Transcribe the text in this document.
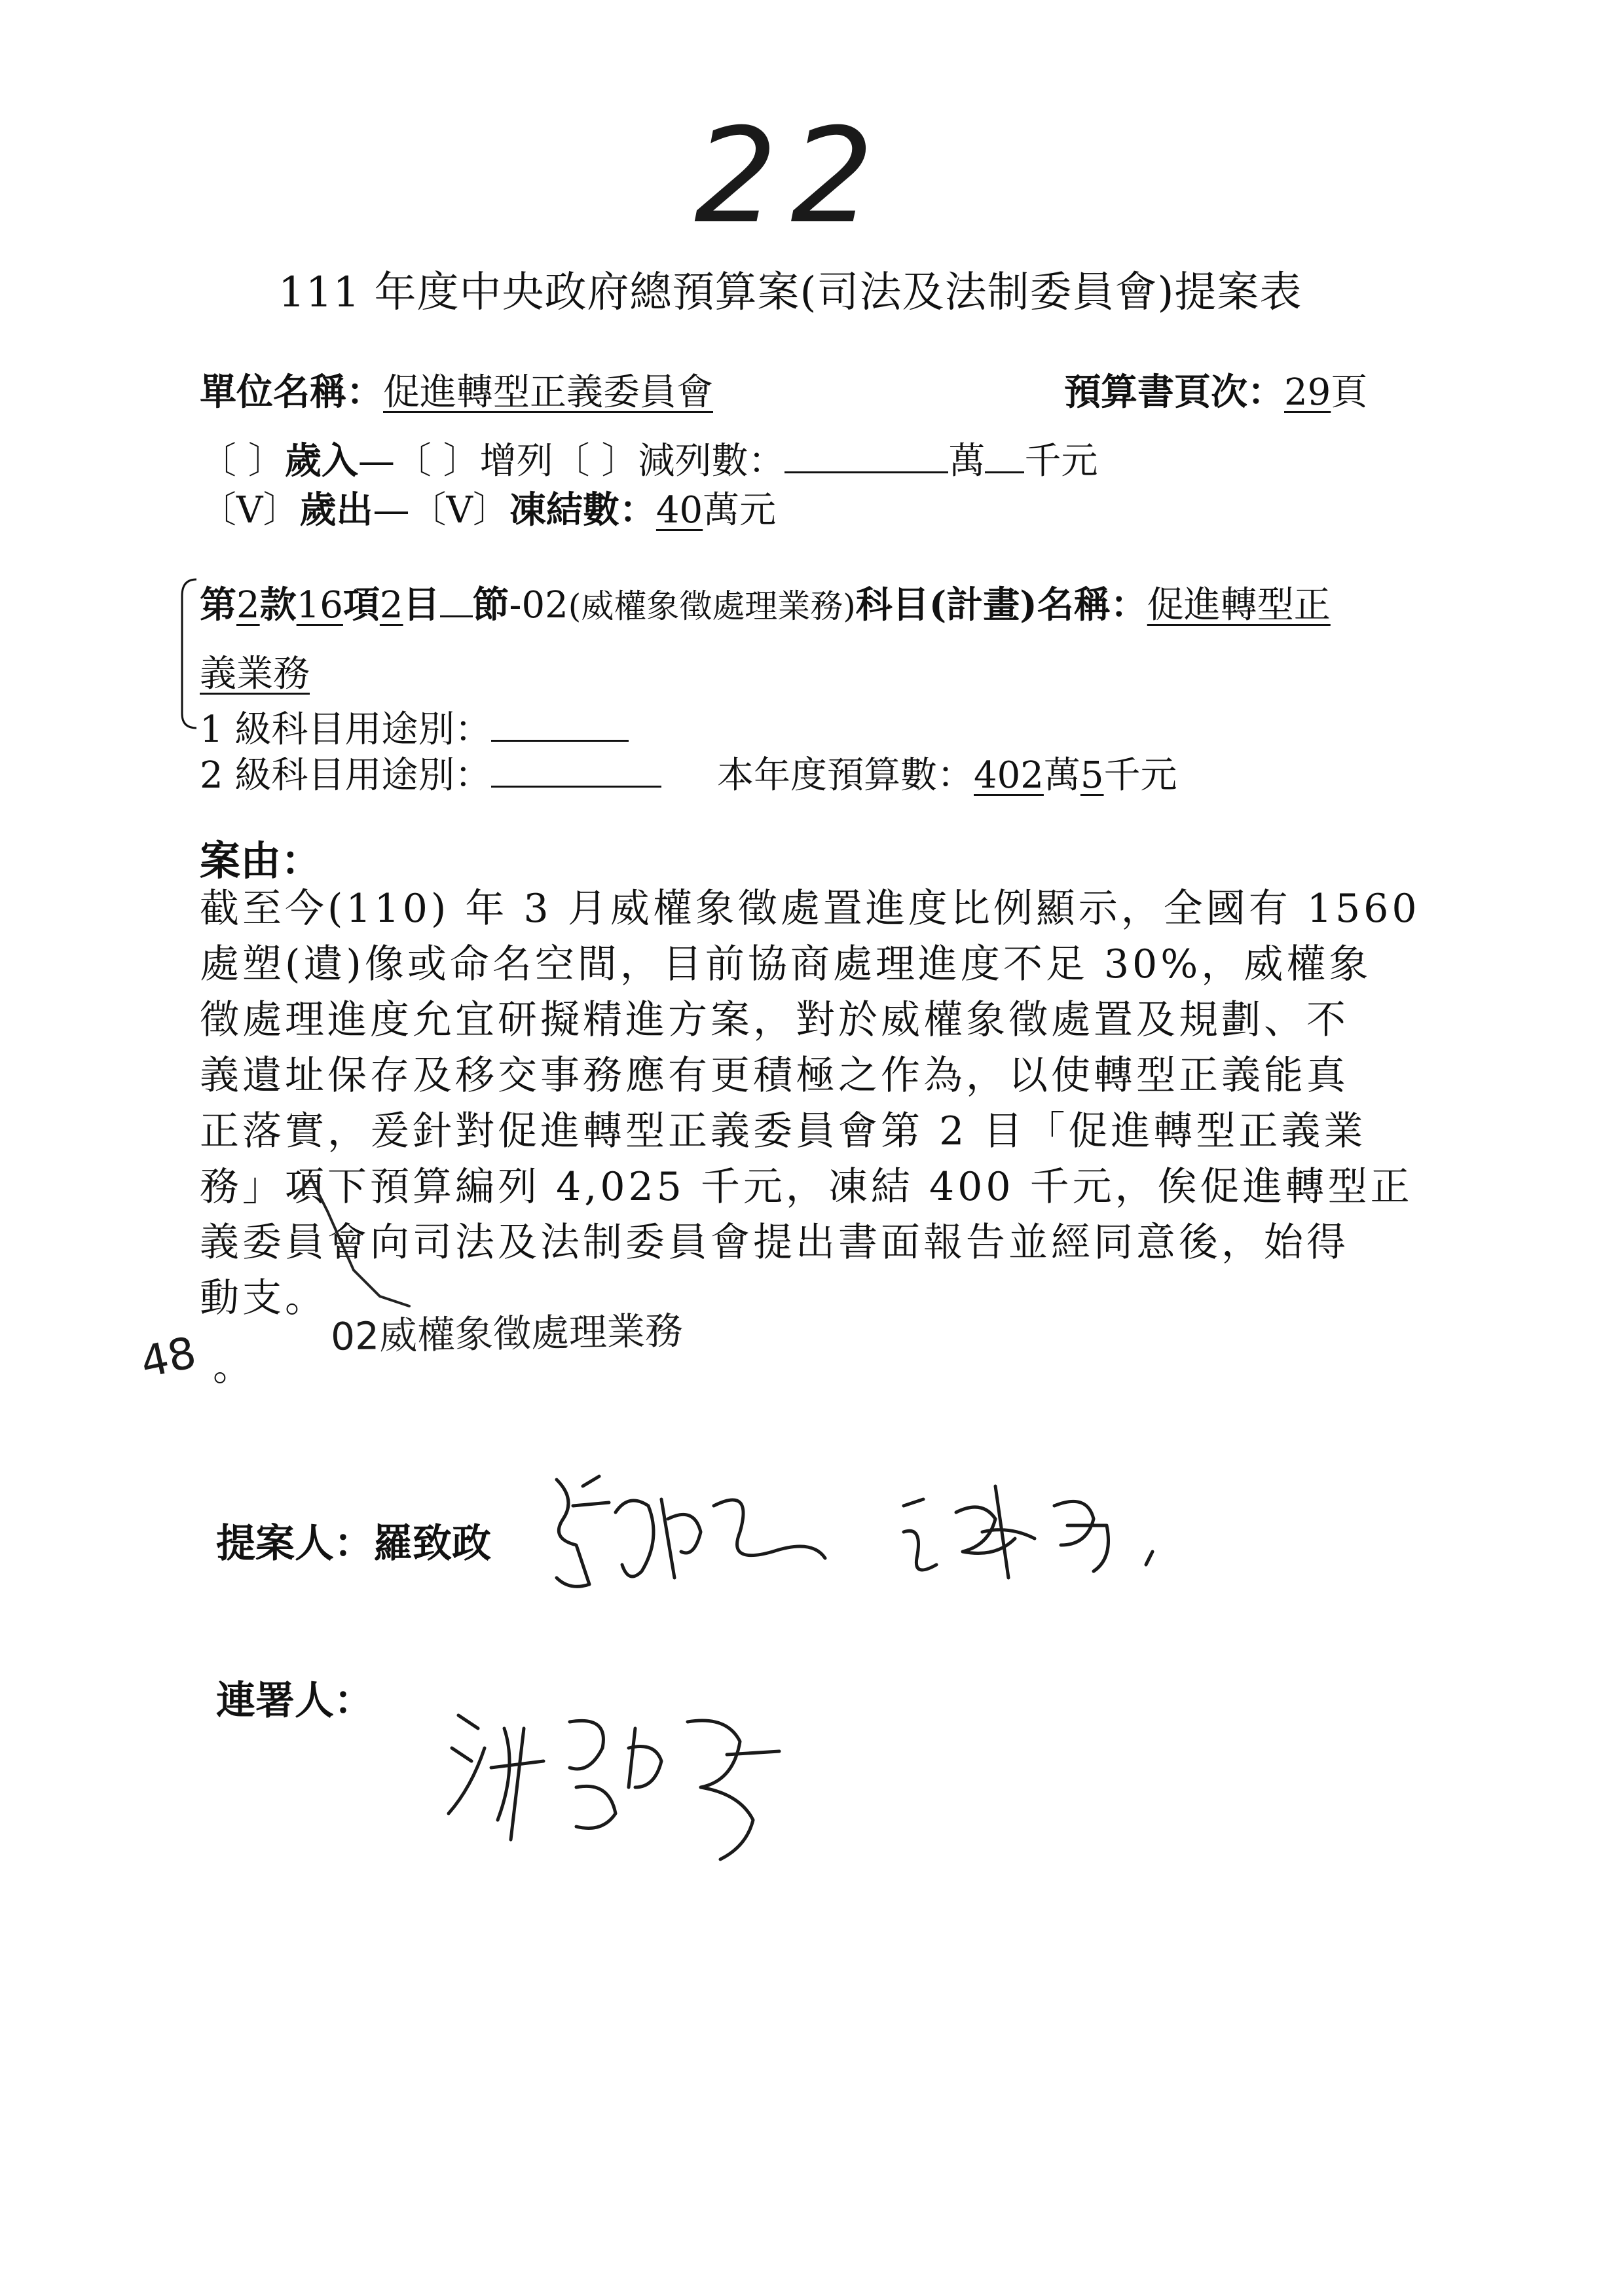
22
111 年度中央政府總預算案(司法及法制委員會)提案表
單位名稱：促進轉型正義委員會	預算書頁次：29頁
〔 〕歲入—〔 〕增列〔 〕減列數：	萬 千元
〔V〕歲出—〔V〕凍結數：40萬元
第2款16項2目 節-02(威權象徵處理業務)科目(計畫)名稱：促進轉型正
義業務
1 級科目用途別：
2 級科目用途別：	本年度預算數：402萬5千元
案由：
截至今(110) 年 3 月威權象徵處置進度比例顯示，全國有 1560
處塑(遺)像或命名空間，目前協商處理進度不足 30%，威權象
徵處理進度允宜研擬精進方案，對於威權象徵處置及規劃、不
義遺址保存及移交事務應有更積極之作為，以使轉型正義能真
正落實，爰針對促進轉型正義委員會第 2 目「促進轉型正義業
務」項下預算編列 4,025 千元，凍結 400 千元，俟促進轉型正
義委員會向司法及法制委員會提出書面報告並經同意後，始得
動支。
02威權象徵處理業務
48 。
提案人：羅致政
連署人：
